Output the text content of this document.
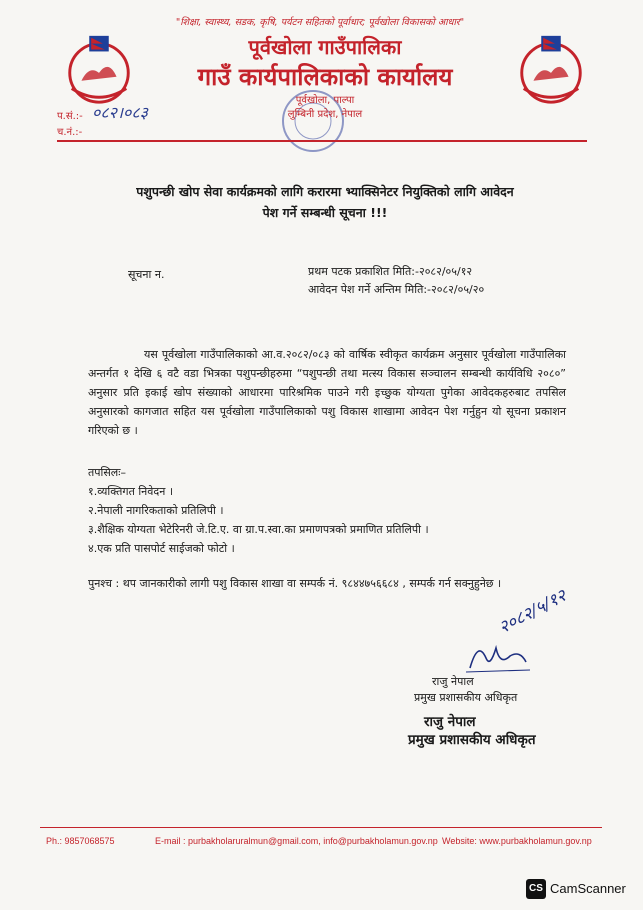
"शिक्षा, स्वास्थ्य, सडक, कृषि, पर्यटन सहितको पूर्वाधार; पूर्वखोला विकासको आधार"
पूर्वखोला गाउँपालिका
गाउँ कार्यपालिकाको कार्यालय
पूर्वखोला, पाल्पा
लुम्बिनी प्रदेश, नेपाल
प.सं.:- ०८२।०८३
च.नं.:-
पशुपन्छी खोप सेवा कार्यक्रमको लागि करारमा भ्याक्सिनेटर नियुक्तिको लागि आवेदन
पेश गर्ने सम्बन्धी सूचना !!!
सूचना न.	प्रथम पटक प्रकाशित मिति:-२०८२/०५/१२
आवेदन पेश गर्ने अन्तिम मिति:-२०८२/०५/२०
यस पूर्वखोला गाउँपालिकाको आ.व.२०८२/०८३ को वार्षिक स्वीकृत कार्यक्रम अनुसार पूर्वखोला गाउँपालिका अन्तर्गत १ देखि ६ वटै वडा भित्रका पशुपन्छीहरुमा “पशुपन्छी तथा मत्स्य विकास सञ्चालन सम्बन्धी कार्यविधि २०८०” अनुसार प्रति इकाई खोप संख्याको आधारमा पारिश्रमिक पाउने गरी इच्छुक योग्यता पुगेका आवेदकहरुबाट तपसिल अनुसारको कागजात सहित यस पूर्वखोला गाउँपालिकाको पशु विकास शाखामा आवेदन पेश गर्नुहुन यो सूचना प्रकाशन गरिएको छ ।
तपसिलः–
१.व्यक्तिगत निवेदन ।
२.नेपाली नागरिकताको प्रतिलिपी ।
३.शैक्षिक योग्यता भेटेरिनरी जे.टि.ए. वा ग्रा.प.स्वा.का प्रमाणपत्रको प्रमाणित प्रतिलिपी ।
४.एक प्रति पासपोर्ट साईजको फोटो ।
पुनश्च : थप जानकारीको लागी पशु विकास शाखा वा सम्पर्क नं. ९८४४७५६६८४ , सम्पर्क गर्न सक्नुहुनेछ ।
२०८२/५/१२
राजु नेपाल
प्रमुख प्रशासकीय अधिकृत
राजु नेपाल
प्रमुख प्रशासकीय अधिकृत
Ph.: 9857068575	E-mail : purbakholaruralmun@gmail.com, info@purbakholamun.gov.np Website: www.purbakholamun.gov.np
CS CamScanner
